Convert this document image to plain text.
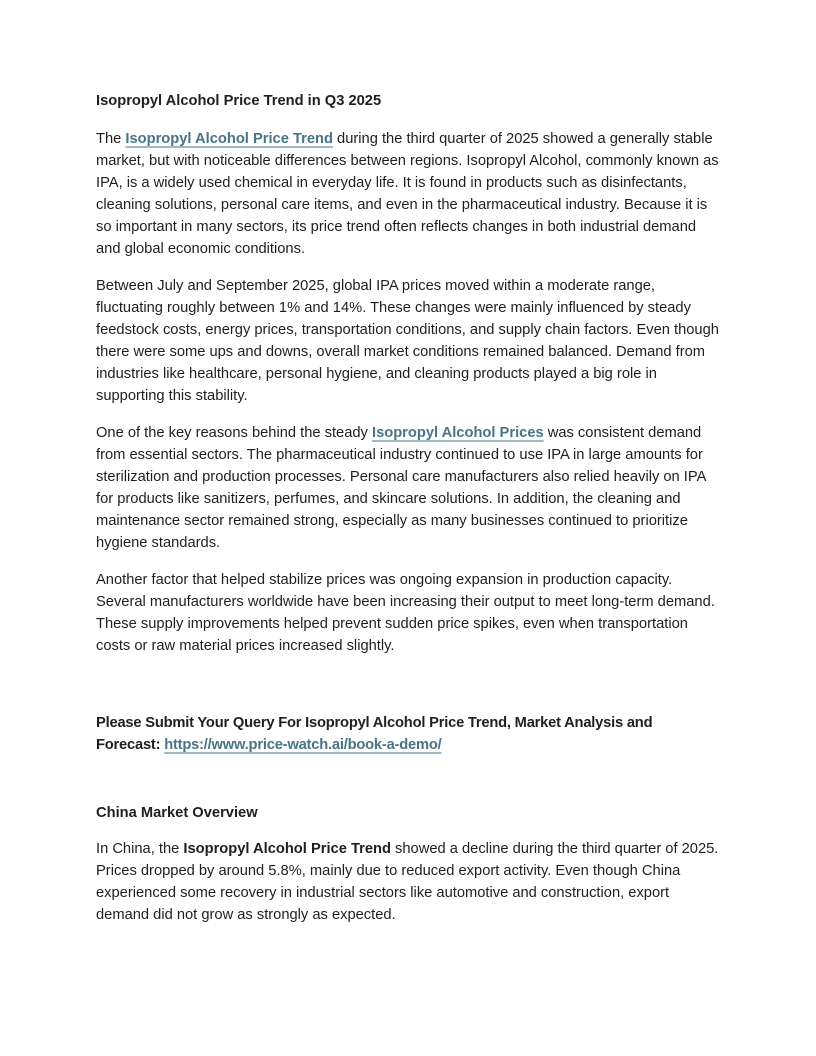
Isopropyl Alcohol Price Trend in Q3 2025

The Isopropyl Alcohol Price Trend during the third quarter of 2025 showed a generally stable market, but with noticeable differences between regions. Isopropyl Alcohol, commonly known as IPA, is a widely used chemical in everyday life. It is found in products such as disinfectants, cleaning solutions, personal care items, and even in the pharmaceutical industry. Because it is so important in many sectors, its price trend often reflects changes in both industrial demand and global economic conditions.

Between July and September 2025, global IPA prices moved within a moderate range, fluctuating roughly between 1% and 14%. These changes were mainly influenced by steady feedstock costs, energy prices, transportation conditions, and supply chain factors. Even though there were some ups and downs, overall market conditions remained balanced. Demand from industries like healthcare, personal hygiene, and cleaning products played a big role in supporting this stability.

One of the key reasons behind the steady Isopropyl Alcohol Prices was consistent demand from essential sectors. The pharmaceutical industry continued to use IPA in large amounts for sterilization and production processes. Personal care manufacturers also relied heavily on IPA for products like sanitizers, perfumes, and skincare solutions. In addition, the cleaning and maintenance sector remained strong, especially as many businesses continued to prioritize hygiene standards.

Another factor that helped stabilize prices was ongoing expansion in production capacity. Several manufacturers worldwide have been increasing their output to meet long-term demand. These supply improvements helped prevent sudden price spikes, even when transportation costs or raw material prices increased slightly.

Please Submit Your Query For Isopropyl Alcohol Price Trend, Market Analysis and Forecast: https://www.price-watch.ai/book-a-demo/

China Market Overview

In China, the Isopropyl Alcohol Price Trend showed a decline during the third quarter of 2025. Prices dropped by around 5.8%, mainly due to reduced export activity. Even though China experienced some recovery in industrial sectors like automotive and construction, export demand did not grow as strongly as expected.
